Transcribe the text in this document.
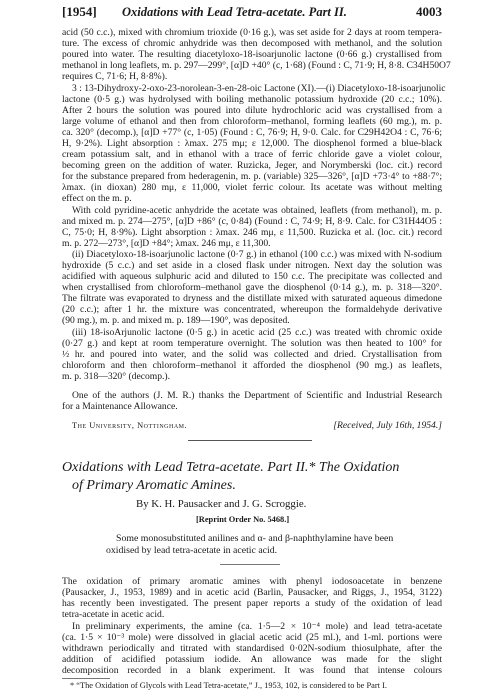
[1954] Oxidations with Lead Tetra-acetate. Part II.	4003
acid (50 c.c.), mixed with chromium trioxide (0·16 g.), was set aside for 2 days at room tempera-
ture. The excess of chromic anhydride was then decomposed with methanol, and the solution
poured into water. The resulting diacetyloxo-18-isoarjunolic lactone (0·66 g.) crystallised from
methanol in long leaflets, m. p. 297—299°, [α]D +40° (c, 1·68) (Found : C, 71·9; H, 8·8. C34H50O7
requires C, 71·6; H, 8·8%).
3 : 13-Dihydroxy-2-oxo-23-norolean-3-en-28-oic Lactone (XI).—(i) Diacetyloxo-18-isoarjunolic
lactone (0·5 g.) was hydrolysed with boiling methanolic potassium hydroxide (20 c.c.; 10%).
After 2 hours the solution was poured into dilute hydrochloric acid was crystallised from a
large volume of ethanol and then from chloroform–methanol, forming leaflets (60 mg.), m. p.
ca. 320° (decomp.), [α]D +77° (c, 1·05) (Found : C, 76·9; H, 9·0. Calc. for C29H42O4 : C, 76·6;
H, 9·2%). Light absorption : λmax. 275 mμ; ε 12,000. The diosphenol formed a blue-black
cream potassium salt, and in ethanol with a trace of ferric chloride gave a violet colour,
becoming green on the addition of water. Ruzicka, Jeger, and Norymberski (loc. cit.) record
for the substance prepared from hederagenin, m. p. (variable) 325—326°, [α]D +73·4° to +88·7°;
λmax. (in dioxan) 280 mμ, ε 11,000, violet ferric colour. Its acetate was without melting
effect on the m. p.
With cold pyridine-acetic anhydride the acetate was obtained, leaflets (from methanol), m. p.
and mixed m. p. 274—275°, [α]D +86° (c, 0·84) (Found : C, 74·9; H, 8·9. Calc. for C31H44O5 :
C, 75·0; H, 8·9%). Light absorption : λmax. 246 mμ, ε 11,500. Ruzicka et al. (loc. cit.) record
m. p. 272—273°, [α]D +84°; λmax. 246 mμ, ε 11,300.
(ii) Diacetyloxo-18-isoarjunolic lactone (0·7 g.) in ethanol (100 c.c.) was mixed with N-sodium
hydroxide (5 c.c.) and set aside in a closed flask under nitrogen. Next day the solution was
acidified with aqueous sulphuric acid and diluted to 150 c.c. The precipitate was collected and
when crystallised from chloroform–methanol gave the diosphenol (0·14 g.), m. p. 318—320°.
The filtrate was evaporated to dryness and the distillate mixed with saturated aqueous dimedone
(20 c.c.); after 1 hr. the mixture was concentrated, whereupon the formaldehyde derivative
(90 mg.), m. p. and mixed m. p. 189—190°, was deposited.
(iii) 18-isoArjunolic lactone (0·5 g.) in acetic acid (25 c.c.) was treated with chromic oxide
(0·27 g.) and kept at room temperature overnight. The solution was then heated to 100° for
½ hr. and poured into water, and the solid was collected and dried. Crystallisation from
chloroform and then chloroform–methanol it afforded the diosphenol (90 mg.) as leaflets,
m. p. 318—320° (decomp.).
One of the authors (J. M. R.) thanks the Department of Scientific and Industrial Research
for a Maintenance Allowance.
The University, Nottingham.	[Received, July 16th, 1954.]
Oxidations with Lead Tetra-acetate. Part II.* The Oxidation
of Primary Aromatic Amines.
By K. H. Pausacker and J. G. Scroggie.
[Reprint Order No. 5468.]
Some monosubstituted anilines and α- and β-naphthylamine have been
oxidised by lead tetra-acetate in acetic acid.
The oxidation of primary aromatic amines with phenyl iodosoacetate in benzene
(Pausacker, J., 1953, 1989) and in acetic acid (Barlin, Pausacker, and Riggs, J., 1954, 3122)
has recently been investigated. The present paper reports a study of the oxidation of lead
tetra-acetate in acetic acid.
In preliminary experiments, the amine (ca. 1·5—2 × 10⁻⁴ mole) and lead tetra-acetate
(ca. 1·5 × 10⁻³ mole) were dissolved in glacial acetic acid (25 ml.), and 1-ml. portions were
withdrawn periodically and titrated with standardised 0·02N-sodium thiosulphate, after the
addition of acidified potassium iodide. An allowance was made for the slight
decomposition recorded in a blank experiment. It was found that intense colours
* “The Oxidation of Glycols with Lead Tetra-acetate,” J., 1953, 102, is considered to be Part I.
